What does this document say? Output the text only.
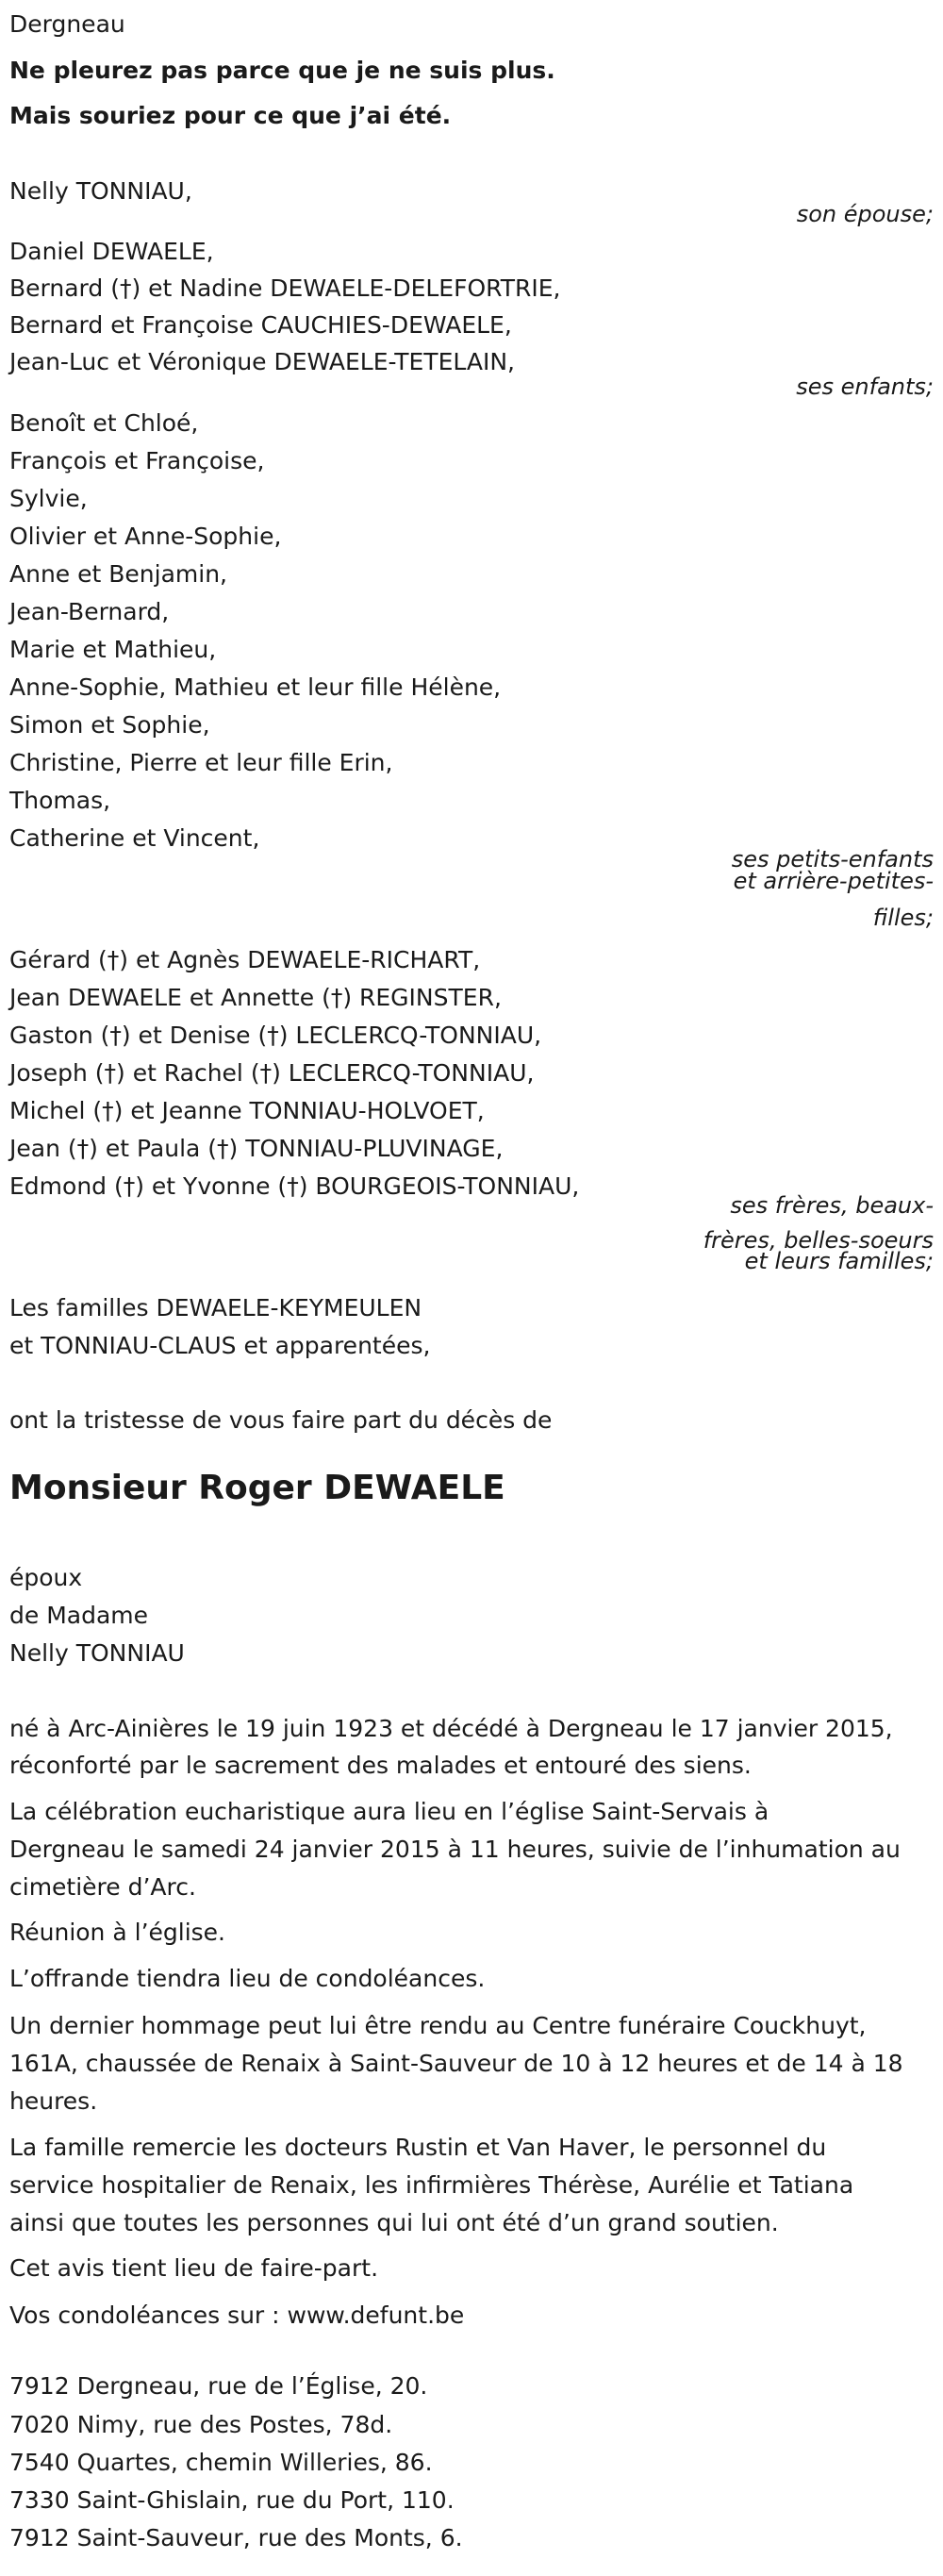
Dergneau

Ne pleurez pas parce que je ne suis plus.

Mais souriez pour ce que j’ai été.

Nelly TONNIAU,

son épouse;

Daniel DEWAELE,

Bernard (†) et Nadine DEWAELE-DELEFORTRIE,

Bernard et Françoise CAUCHIES-DEWAELE,

Jean-Luc et Véronique DEWAELE-TETELAIN,

ses enfants;

Benoît et Chloé,

François et Françoise,

Sylvie,

Olivier et Anne-Sophie,

Anne et Benjamin,

Jean-Bernard,

Marie et Mathieu,

Anne-Sophie, Mathieu et leur fille Hélène,

Simon et Sophie,

Christine, Pierre et leur fille Erin,

Thomas,

Catherine et Vincent,

ses petits-enfants

et arrière-petites-

filles;

Gérard (†) et Agnès DEWAELE-RICHART,

Jean DEWAELE et Annette (†) REGINSTER,

Gaston (†) et Denise (†) LECLERCQ-TONNIAU,

Joseph (†) et Rachel (†) LECLERCQ-TONNIAU,

Michel (†) et Jeanne TONNIAU-HOLVOET,

Jean (†) et Paula (†) TONNIAU-PLUVINAGE,

Edmond (†) et Yvonne (†) BOURGEOIS-TONNIAU,

ses frères, beaux-

frères, belles-soeurs

et leurs familles;

Les familles DEWAELE-KEYMEULEN

et TONNIAU-CLAUS et apparentées,

ont la tristesse de vous faire part du décès de

Monsieur Roger DEWAELE

époux

de Madame

Nelly TONNIAU

né à Arc-Ainières le 19 juin 1923 et décédé à Dergneau le 17 janvier 2015,

réconforté par le sacrement des malades et entouré des siens.

La célébration eucharistique aura lieu en l’église Saint-Servais à

Dergneau le samedi 24 janvier 2015 à 11 heures, suivie de l’inhumation au

cimetière d’Arc.

Réunion à l’église.

L’offrande tiendra lieu de condoléances.

Un dernier hommage peut lui être rendu au Centre funéraire Couckhuyt,

161A, chaussée de Renaix à Saint-Sauveur de 10 à 12 heures et de 14 à 18

heures.

La famille remercie les docteurs Rustin et Van Haver, le personnel du

service hospitalier de Renaix, les infirmières Thérèse, Aurélie et Tatiana

ainsi que toutes les personnes qui lui ont été d’un grand soutien.

Cet avis tient lieu de faire-part.

Vos condoléances sur : www.defunt.be

7912 Dergneau, rue de l’Église, 20.

7020 Nimy, rue des Postes, 78d.

7540 Quartes, chemin Willeries, 86.

7330 Saint-Ghislain, rue du Port, 110.

7912 Saint-Sauveur, rue des Monts, 6.
